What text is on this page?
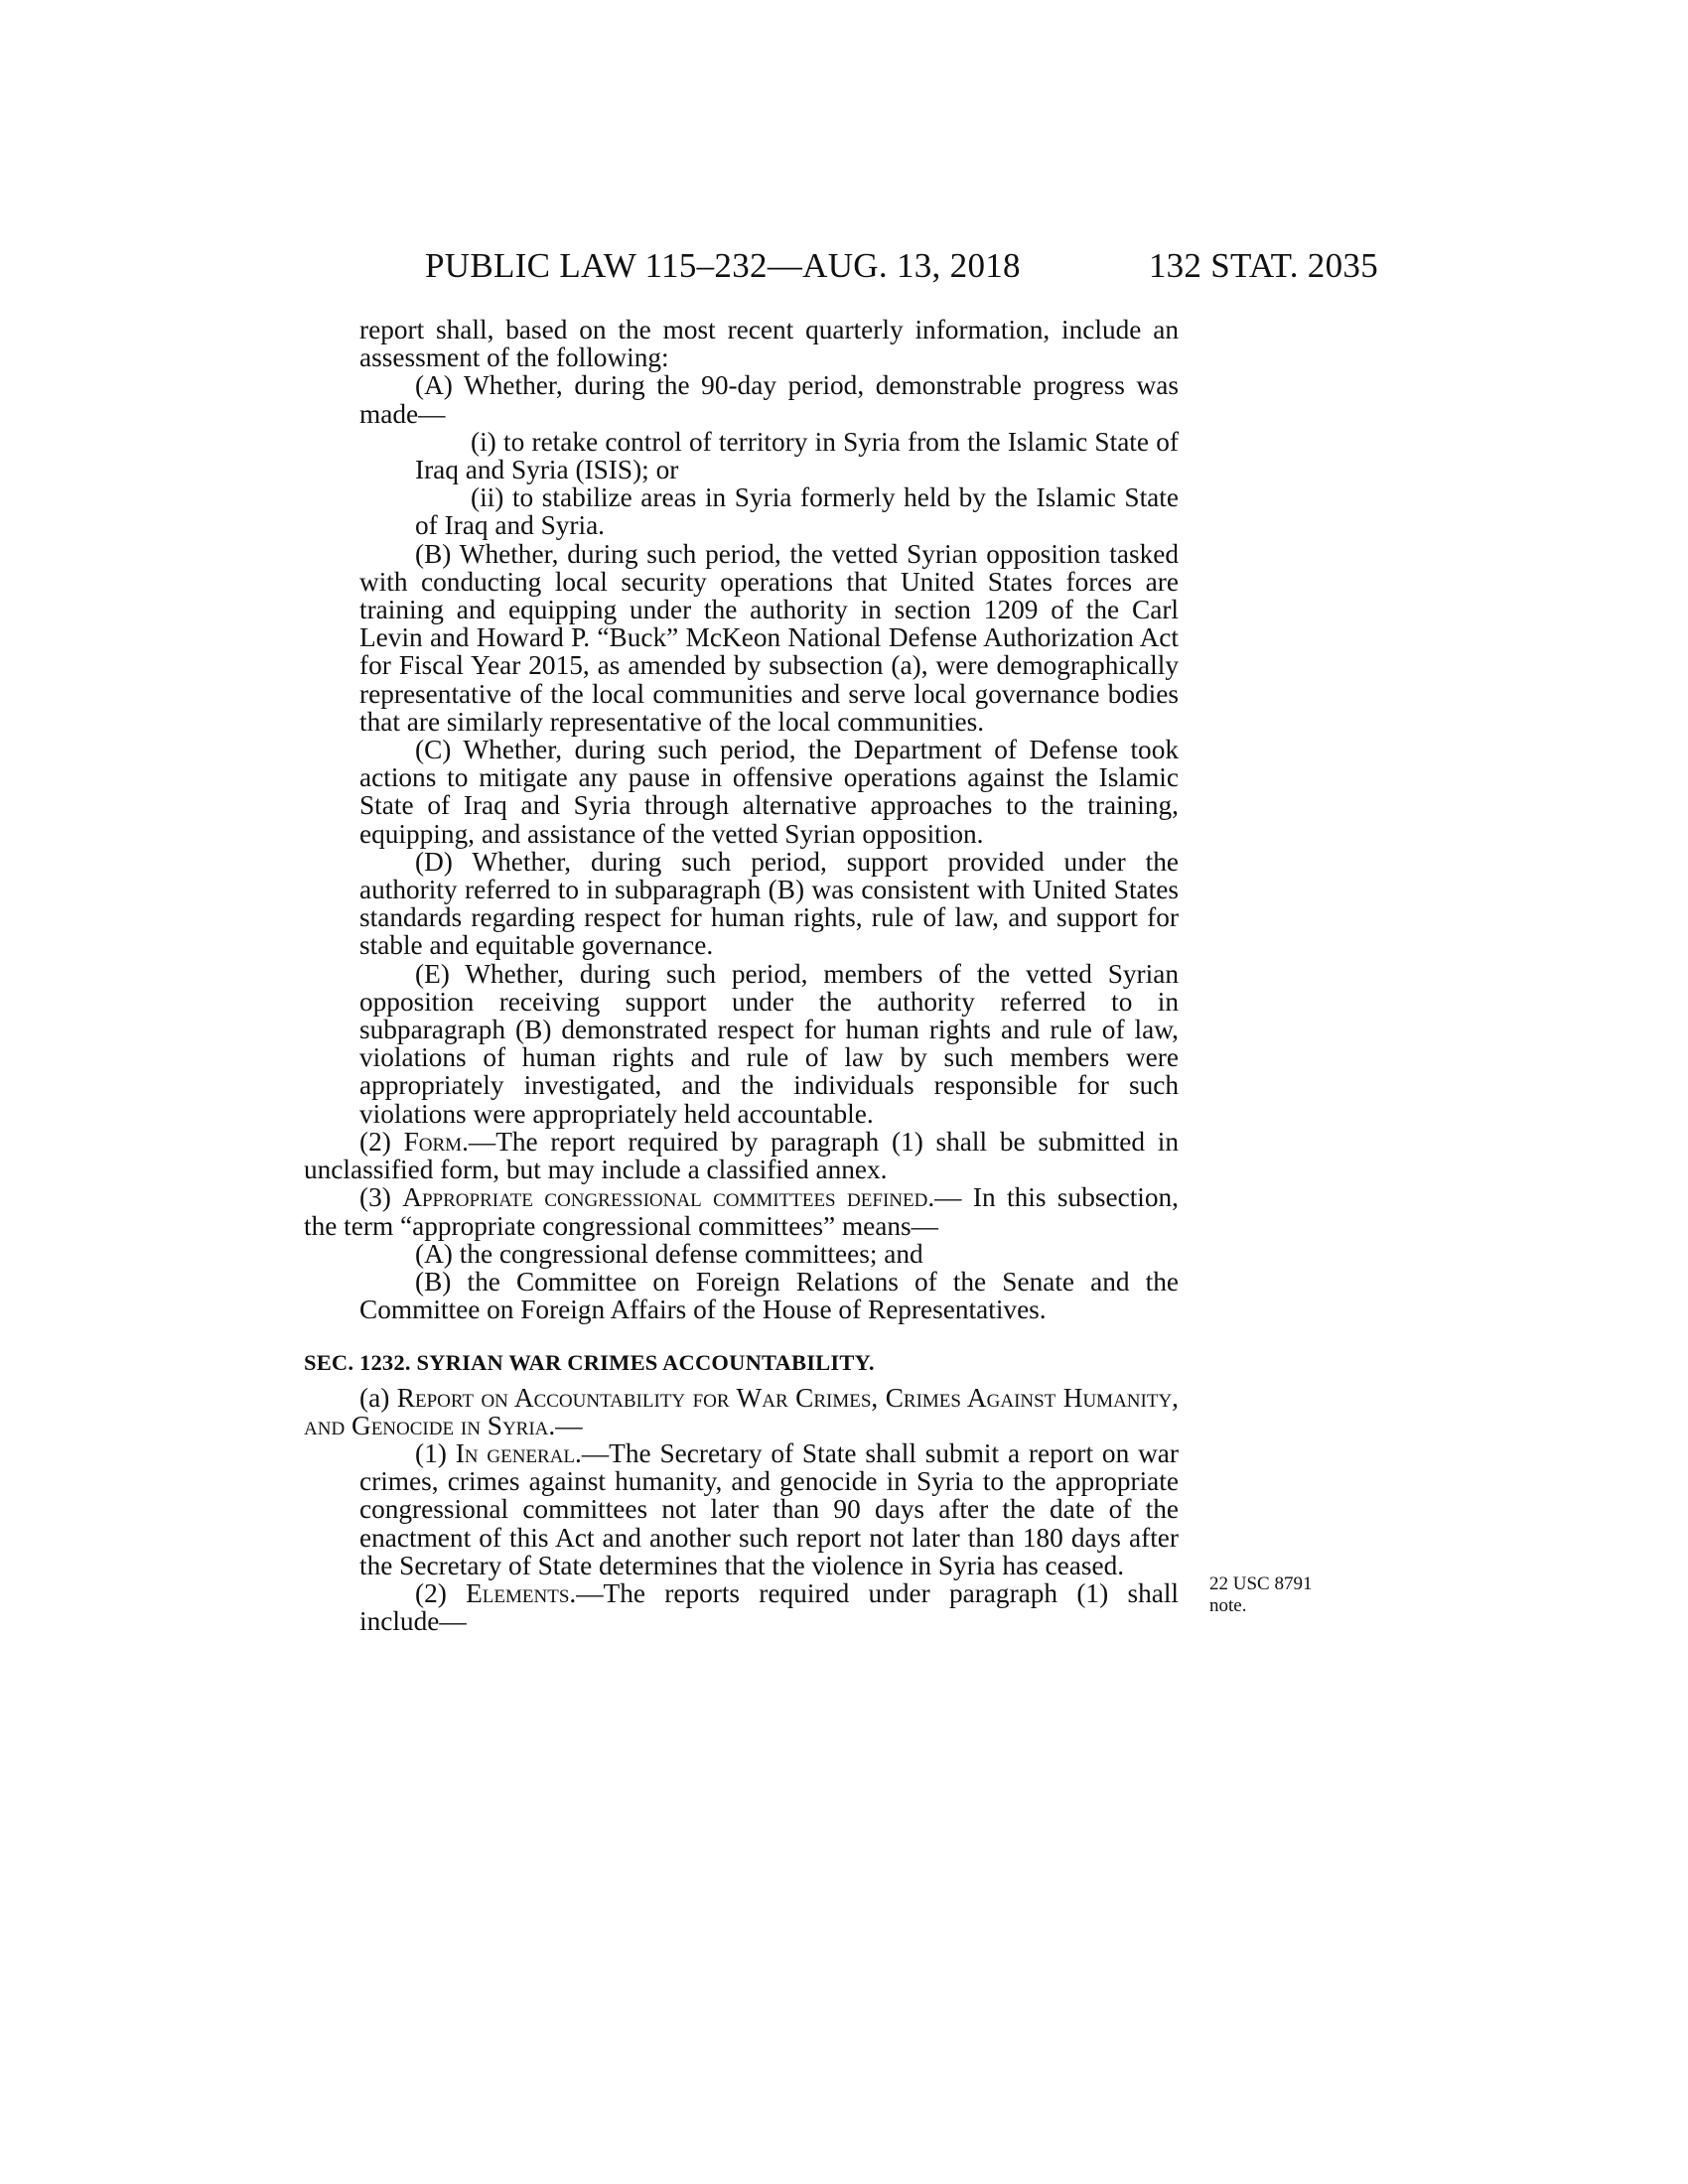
PUBLIC LAW 115–232—AUG. 13, 2018	132 STAT. 2035

report shall, based on the most recent quarterly information, include an assessment of the following:

(A) Whether, during the 90-day period, demonstrable progress was made—

(i) to retake control of territory in Syria from the Islamic State of Iraq and Syria (ISIS); or

(ii) to stabilize areas in Syria formerly held by the Islamic State of Iraq and Syria.

(B) Whether, during such period, the vetted Syrian opposition tasked with conducting local security operations that United States forces are training and equipping under the authority in section 1209 of the Carl Levin and Howard P. “Buck” McKeon National Defense Authorization Act for Fiscal Year 2015, as amended by subsection (a), were demographically representative of the local communities and serve local governance bodies that are similarly representative of the local communities.

(C) Whether, during such period, the Department of Defense took actions to mitigate any pause in offensive operations against the Islamic State of Iraq and Syria through alternative approaches to the training, equipping, and assistance of the vetted Syrian opposition.

(D) Whether, during such period, support provided under the authority referred to in subparagraph (B) was consistent with United States standards regarding respect for human rights, rule of law, and support for stable and equitable governance.

(E) Whether, during such period, members of the vetted Syrian opposition receiving support under the authority referred to in subparagraph (B) demonstrated respect for human rights and rule of law, violations of human rights and rule of law by such members were appropriately investigated, and the individuals responsible for such violations were appropriately held accountable.

(2) Form.—The report required by paragraph (1) shall be submitted in unclassified form, but may include a classified annex.

(3) Appropriate congressional committees defined.— In this subsection, the term “appropriate congressional committees” means—

(A) the congressional defense committees; and

(B) the Committee on Foreign Relations of the Senate and the Committee on Foreign Affairs of the House of Representatives.

SEC. 1232. SYRIAN WAR CRIMES ACCOUNTABILITY.

(a) Report on Accountability for War Crimes, Crimes Against Humanity, and Genocide in Syria.—

(1) In general.—The Secretary of State shall submit a report on war crimes, crimes against humanity, and genocide in Syria to the appropriate congressional committees not later than 90 days after the date of the enactment of this Act and another such report not later than 180 days after the Secretary of State determines that the violence in Syria has ceased.

(2) Elements.—The reports required under paragraph (1) shall include—

22 USC 8791
note.
